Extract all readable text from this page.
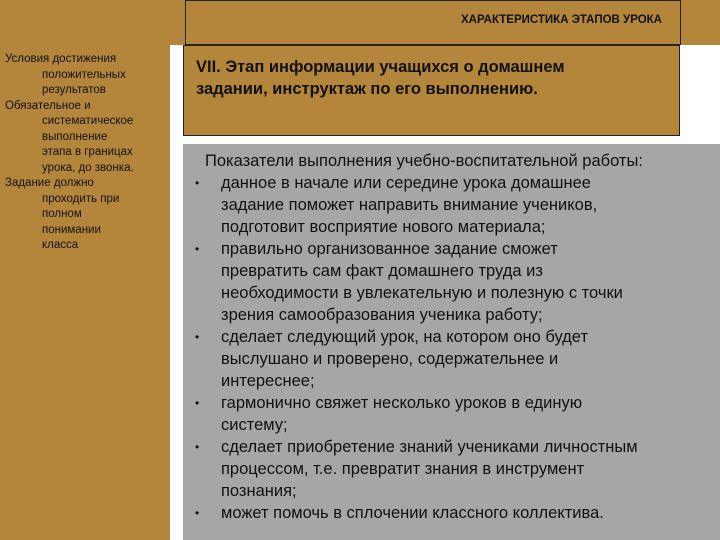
ХАРАКТЕРИСТИКА ЭТАПОВ УРОКА
Условия достижения
положительных
результатов
Обязательное и
систематическое
выполнение
этапа в границах
урока, до звонка.
Задание должно
проходить при
полном
понимании
класса
VII. Этап информации учащихся о домашнем
задании, инструктаж по его выполнению.
Показатели выполнения учебно-воспитательной работы:
• данное в начале или середине урока домашнее
задание поможет направить внимание учеников,
подготовит восприятие нового материала;
• правильно организованное задание сможет
превратить сам факт домашнего труда из
необходимости в увлекательную и полезную с точки
зрения самообразования ученика работу;
• сделает следующий урок, на котором оно будет
выслушано и проверено, содержательнее и
интереснее;
• гармонично свяжет несколько уроков в единую
систему;
• сделает приобретение знаний учениками личностным
процессом, т.е. превратит знания в инструмент
познания;
• может помочь в сплочении классного коллектива.
